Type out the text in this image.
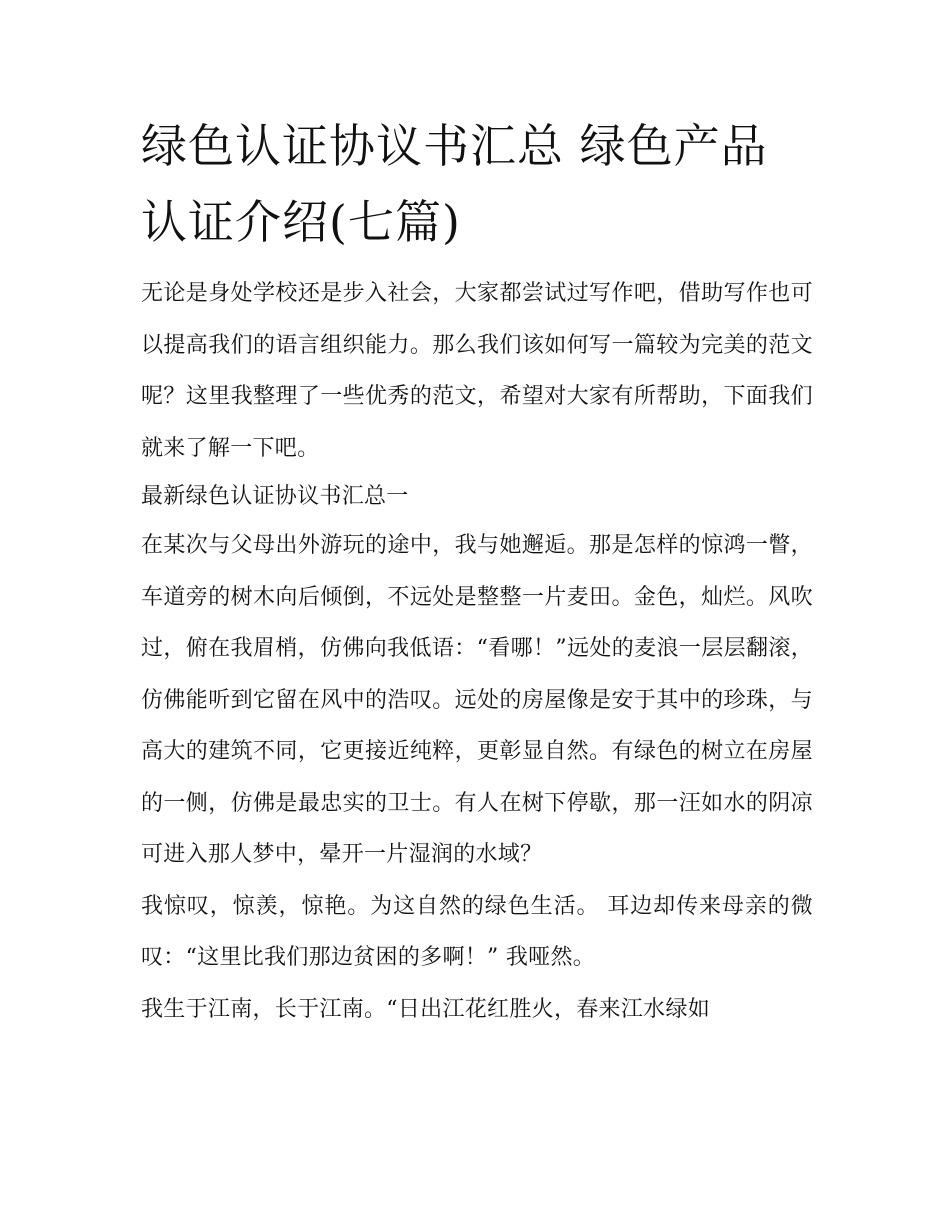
绿色认证协议书汇总 绿色产品认证介绍(七篇)

无论是身处学校还是步入社会，大家都尝试过写作吧，借助写作也可以提高我们的语言组织能力。那么我们该如何写一篇较为完美的范文呢？这里我整理了一些优秀的范文，希望对大家有所帮助，下面我们就来了解一下吧。

最新绿色认证协议书汇总一

在某次与父母出外游玩的途中，我与她邂逅。那是怎样的惊鸿一瞥，车道旁的树木向后倾倒，不远处是整整一片麦田。金色，灿烂。风吹过，俯在我眉梢，仿佛向我低语：“看哪！”远处的麦浪一层层翻滚，仿佛能听到它留在风中的浩叹。远处的房屋像是安于其中的珍珠，与高大的建筑不同，它更接近纯粹，更彰显自然。有绿色的树立在房屋的一侧，仿佛是最忠实的卫士。有人在树下停歇，那一汪如水的阴凉可进入那人梦中，晕开一片湿润的水域？

我惊叹，惊羡，惊艳。为这自然的绿色生活。 耳边却传来母亲的微叹：“这里比我们那边贫困的多啊！” 我哑然。

我生于江南，长于江南。“日出江花红胜火，春来江水绿如
